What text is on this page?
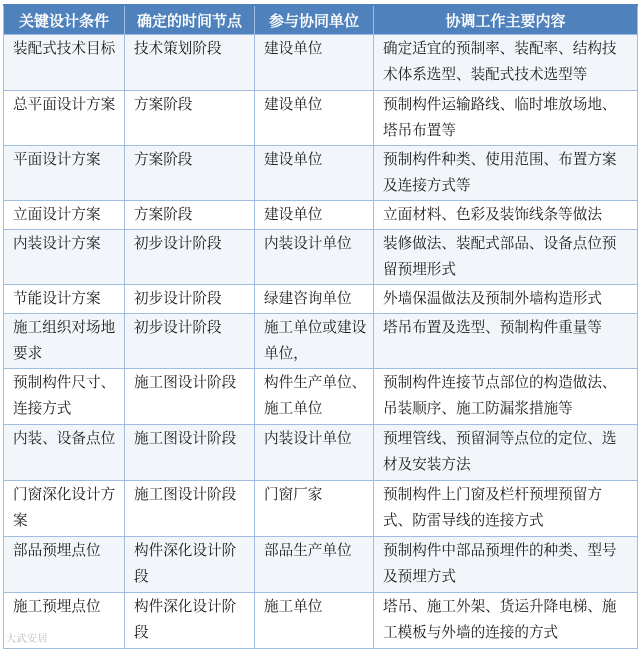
关键设计条件	确定的时间节点	参与协同单位	协调工作主要内容
装配式技术目标	技术策划阶段	建设单位	确定适宜的预制率、装配率、结构技术体系选型、装配式技术选型等
总平面设计方案	方案阶段	建设单位	预制构件运输路线、临时堆放场地、塔吊布置等
平面设计方案	方案阶段	建设单位	预制构件种类、使用范围、布置方案及连接方式等
立面设计方案	方案阶段	建设单位	立面材料、色彩及装饰线条等做法
内装设计方案	初步设计阶段	内装设计单位	装修做法、装配式部品、设备点位预留预埋形式
节能设计方案	初步设计阶段	绿建咨询单位	外墙保温做法及预制外墙构造形式
施工组织对场地要求	初步设计阶段	施工单位或建设单位，	塔吊布置及选型、预制构件重量等
预制构件尺寸、连接方式	施工图设计阶段	构件生产单位、施工单位	预制构件连接节点部位的构造做法、吊装顺序、施工防漏浆措施等
内装、设备点位	施工图设计阶段	内装设计单位	预埋管线、预留洞等点位的定位、选材及安装方法
门窗深化设计方案	施工图设计阶段	门窗厂家	预制构件上门窗及栏杆预埋预留方式、防雷导线的连接方式
部品预埋点位	构件深化设计阶段	部品生产单位	预制构件中部品预埋件的种类、型号及预埋方式
施工预埋点位	构件深化设计阶段	施工单位	塔吊、施工外架、货运升降电梯、施工模板与外墙的连接的方式
大武安居
